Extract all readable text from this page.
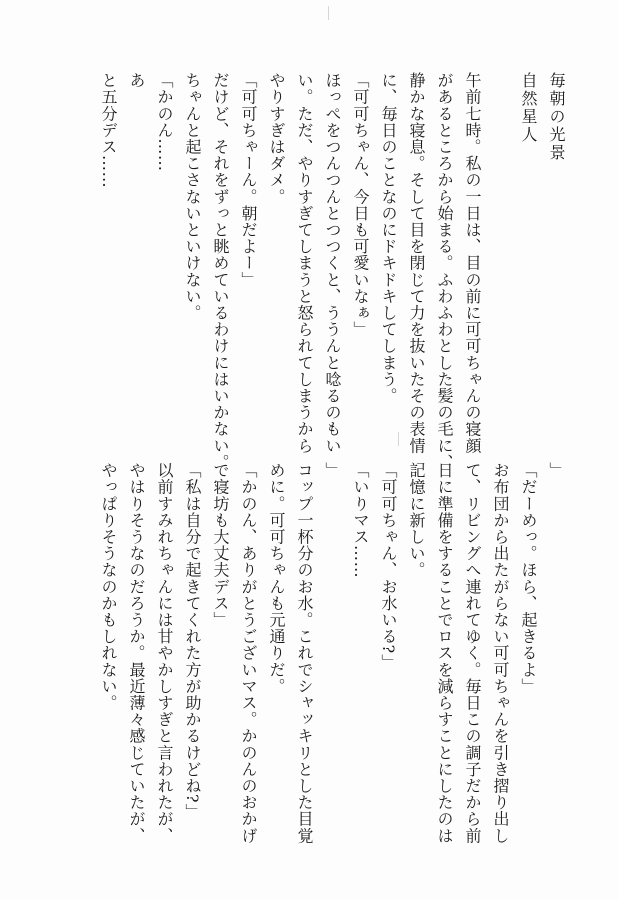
毎朝の光景
自然星人
午前七時。私の一日は、目の前に可可ちゃんの寝顔
があるところから始まる。ふわふわとした髪の毛に、
静かな寝息。そして目を閉じて力を抜いたその表情
に、毎日のことなのにドキドキしてしまう。
「可可ちゃん、今日も可愛いなぁ」
ほっぺをつんつんとつつくと、ううんと唸るのもい
い。ただ、やりすぎてしまうと怒られてしまうから
やりすぎはダメ。
「可可ちゃーん。朝だよー」
だけど、それをずっと眺めているわけにはいかない。
ちゃんと起こさないといけない。
「かのん……
あ
と五分デス……
」
「だーめっ。ほら、起きるよ」
お布団から出たがらない可可ちゃんを引き摺り出し
て、リビングへ連れてゆく。毎日この調子だから前
日に準備をすることでロスを減らすことにしたのは
記憶に新しい。
「可可ちゃん、お水いる?」
「いりマス……
」
コップ一杯分のお水。これでシャッキリとした目覚
めに。可可ちゃんも元通りだ。
「かのん、ありがとうございマス。かのんのおかげ
で寝坊も大丈夫デス」
「私は自分で起きてくれた方が助かるけどね?」
以前すみれちゃんには甘やかしすぎと言われたが、
やはりそうなのだろうか。最近薄々感じていたが、
やっぱりそうなのかもしれない。
